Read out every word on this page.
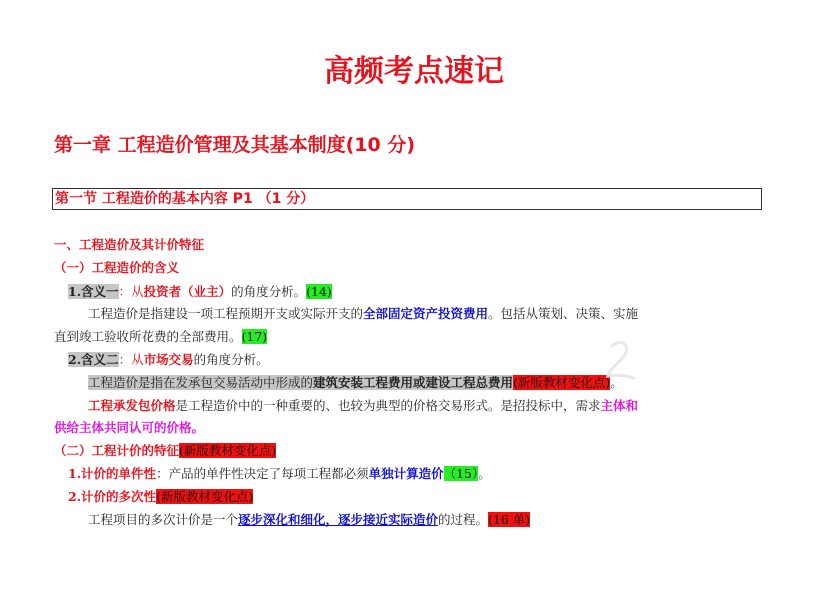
高频考点速记
第一章 工程造价管理及其基本制度(10 分)
第一节 工程造价的基本内容 P1 （1 分）
一、工程造价及其计价特征
（一）工程造价的含义
1.含义一：从投资者（业主）的角度分析。(14)
工程造价是指建设一项工程预期开支或实际开支的全部固定资产投资费用。包括从策划、决策、实施
直到竣工验收所花费的全部费用。(17)
2.含义二：从市场交易的角度分析。
工程造价是指在发承包交易活动中形成的建筑安装工程费用或建设工程总费用(新版教材变化点)。
工程承发包价格是工程造价中的一种重要的、也较为典型的价格交易形式。是招投标中，需求主体和
供给主体共同认可的价格。
（二）工程计价的特征(新版教材变化点)
1.计价的单件性：产品的单件性决定了每项工程都必须单独计算造价（15）。
2.计价的多次性(新版教材变化点)
工程项目的多次计价是一个逐步深化和细化，逐步接近实际造价的过程。(16 单)
